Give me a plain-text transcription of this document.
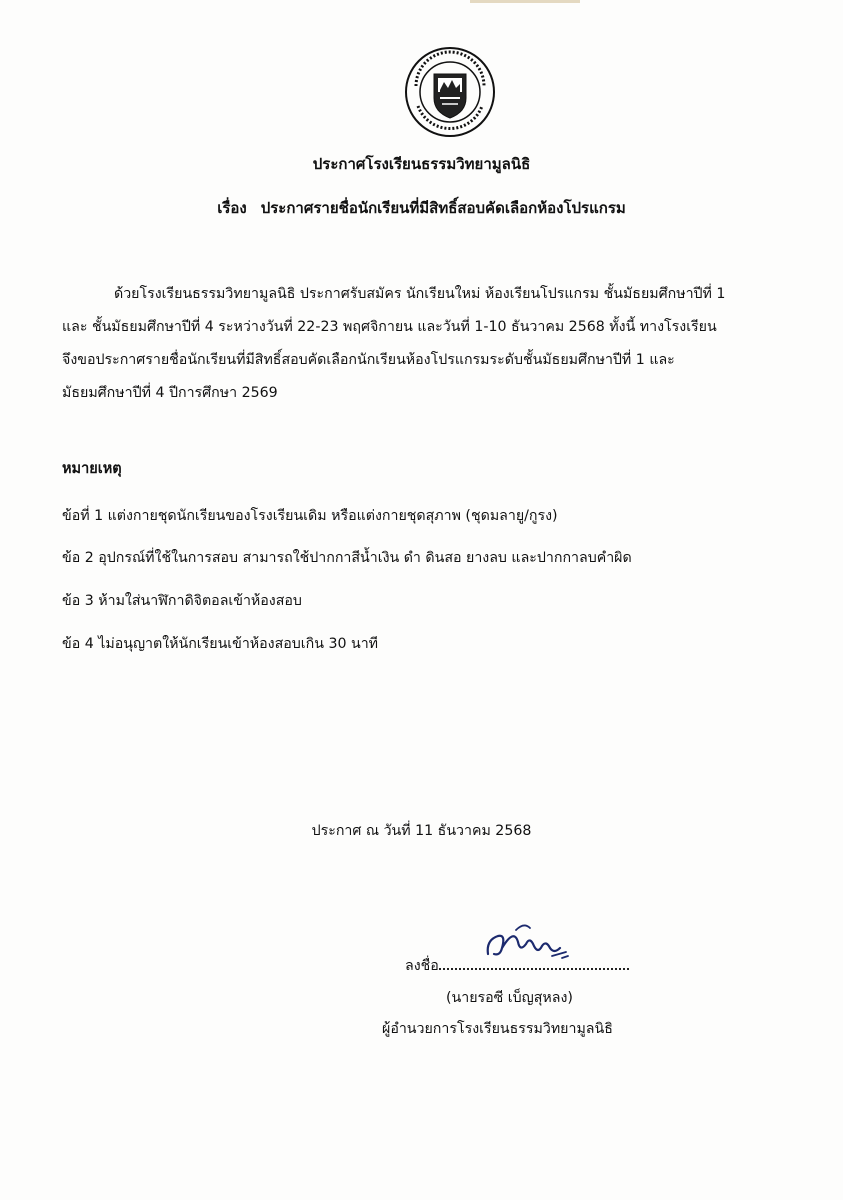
ประกาศโรงเรียนธรรมวิทยามูลนิธิ
เรื่อง ประกาศรายชื่อนักเรียนที่มีสิทธิ์สอบคัดเลือกห้องโปรแกรม
ด้วยโรงเรียนธรรมวิทยามูลนิธิ ประกาศรับสมัคร นักเรียนใหม่ ห้องเรียนโปรแกรม ชั้นมัธยมศึกษาปีที่ 1
และ ชั้นมัธยมศึกษาปีที่ 4 ระหว่างวันที่ 22-23 พฤศจิกายน และวันที่ 1-10 ธันวาคม 2568 ทั้งนี้ ทางโรงเรียน
จึงขอประกาศรายชื่อนักเรียนที่มีสิทธิ์สอบคัดเลือกนักเรียนห้องโปรแกรมระดับชั้นมัธยมศึกษาปีที่ 1 และ
มัธยมศึกษาปีที่ 4 ปีการศึกษา 2569
หมายเหตุ
ข้อที่ 1 แต่งกายชุดนักเรียนของโรงเรียนเดิม หรือแต่งกายชุดสุภาพ (ชุดมลายู/กูรง)
ข้อ 2 อุปกรณ์ที่ใช้ในการสอบ สามารถใช้ปากกาสีน้ำเงิน ดำ ดินสอ ยางลบ และปากกาลบคำผิด
ข้อ 3 ห้ามใส่นาฬิกาดิจิตอลเข้าห้องสอบ
ข้อ 4 ไม่อนุญาตให้นักเรียนเข้าห้องสอบเกิน 30 นาที
ประกาศ ณ วันที่ 11 ธันวาคม 2568
ลงชื่อ
(นายรอซี เบ็ญสุหลง)
ผู้อำนวยการโรงเรียนธรรมวิทยามูลนิธิ
